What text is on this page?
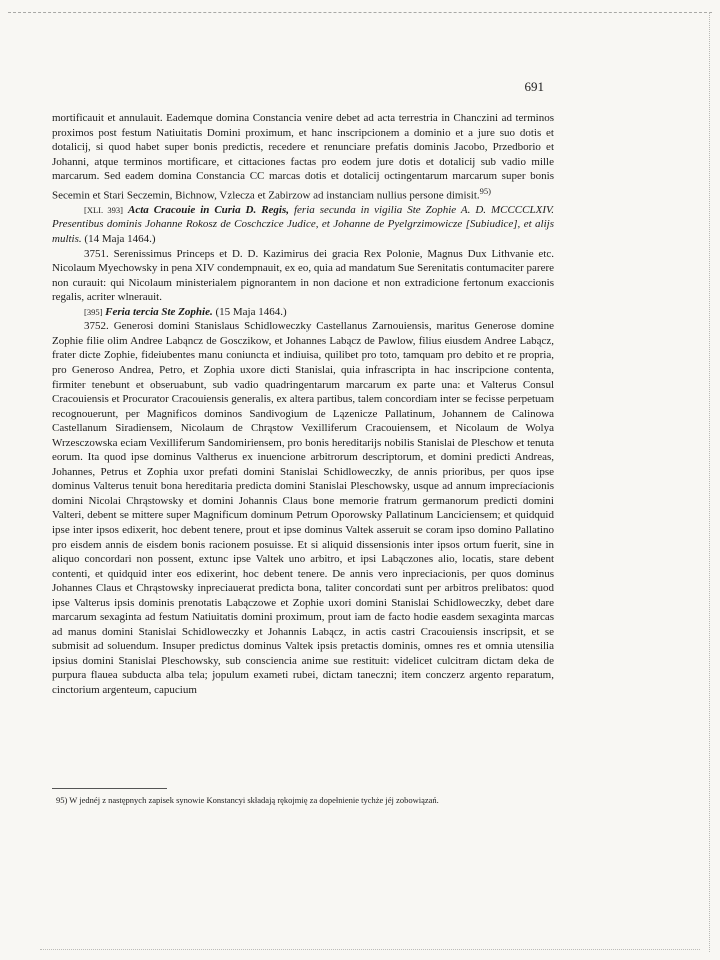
691

mortificauit et annulauit. Eademque domina Constancia venire debet ad acta terrestria in Chanczini ad terminos proximos post festum Natiuitatis Domini proximum, et hanc inscripcionem a dominio et a jure suo dotis et dotalicij, si quod habet super bonis predictis, recedere et renunciare prefatis dominis Jacobo, Przedborio et Johanni, atque terminos mortificare, et cittaciones factas pro eodem jure dotis et dotalicij sub vadio mille marcarum. Sed eadem domina Constancia CC marcas dotis et dotalicij octingentarum marcarum super bonis Secemin et Stari Seczemin, Bichnow, Vzlecza et Zabirzow ad instanciam nullius persone dimisit.$^{95)}$

[XLI. 393] Acta Cracouie in Curia D. Regis, feria secunda in vigilia Ste Zophie A. D. MCCCCLXIV. Presentibus dominis Johanne Rokosz de Coschczice Judice, et Johanne de Pyelgrzimowicze [Subiudice], et alijs multis. (14 Maja 1464.)

3751. Serenissimus Princeps et D. D. Kazimirus dei gracia Rex Polonie, Magnus Dux Lithvanie etc. Nicolaum Myechowsky in pena XIV condempnauit, ex eo, quia ad mandatum Sue Serenitatis contumaciter parere non curauit: qui Nicolaum ministerialem pignorantem in non dacione et non extradicione fertonum exaccionis regalis, acriter wlnerauit.

[395] Feria tercia Ste Zophie. (15 Maja 1464.)

3752. Generosi domini Stanislaus Schidloweczky Castellanus Zarnouiensis, maritus Generose domine Zophie filie olim Andree Labąncz de Gosczikow, et Johannes Labącz de Pawlow, filius eiusdem Andree Labącz, frater dicte Zophie, fideiubentes manu coniuncta et indiuisa, quilibet pro toto, tamquam pro debito et re propria, pro Generoso Andrea, Petro, et Zophia uxore dicti Stanislai, quia infrascripta in hac inscripcione contenta, firmiter tenebunt et obseruabunt, sub vadio quadringentarum marcarum ex parte una: et Valterus Consul Cracouiensis et Procurator Cracouiensis generalis, ex altera partibus, talem concordiam inter se fecisse perpetuam recognouerunt, per Magnificos dominos Sandivogium de Lązenicze Pallatinum, Johannem de Calinowa Castellanum Siradiensem, Nicolaum de Chrąstow Vexilliferum Cracouiensem, et Nicolaum de Wolya Wrzesczowska eciam Vexilliferum Sandomiriensem, pro bonis hereditarijs nobilis Stanislai de Pleschow et tenuta eorum. Ita quod ipse dominus Valtherus ex inuencione arbitrorum descriptorum, et domini predicti Andreas, Johannes, Petrus et Zophia uxor prefati domini Stanislai Schidloweczky, de annis prioribus, per quos ipse dominus Valterus tenuit bona hereditaria predicta domini Stanislai Pleschowsky, usque ad annum imprecíacionis domini Nicolai Chrąstowsky et domini Johannis Claus bone memorie fratrum germanorum predicti domini Valteri, debent se mittere super Magnificum dominum Petrum Oporowsky Pallatinum Lanciciensem; et quidquid ipse inter ipsos edixerit, hoc debent tenere, prout et ipse dominus Valtek asseruit se coram ipso domino Pallatino pro eisdem annis de eisdem bonis racionem posuisse. Et si aliquid dissensionis inter ipsos ortum fuerit, sine in aliquo concordari non possent, extunc ipse Valtek uno arbitro, et ipsi Labączones alio, locatis, stare debent contenti, et quidquid inter eos edixerint, hoc debent tenere. De annis vero inpreciacionis, per quos dominus Johannes Claus et Chrąstowsky inpreciauerat predicta bona, taliter concordati sunt per arbitros prelibatos: quod ipse Valterus ipsis dominis prenotatis Labączowe et Zophie uxori domini Stanislai Schidloweczky, debet dare marcarum sexaginta ad festum Natiuitatis domini proximum, prout iam de facto hodie easdem sexaginta marcas ad manus domini Stanislai Schidloweczky et Johannis Labącz, in actis castri Cracouiensis inscripsit, et se submisit ad soluendum. Insuper predictus dominus Valtek ipsis pretactis dominis, omnes res et omnia utensilia ipsius domini Stanislai Pleschowsky, sub consciencia anime sue restituit: videlicet culcitram dictam deka de purpura flauea subducta alba tela; jopulum exameti rubei, dictam taneczni; item conczerz argento reparatum, cinctorium argenteum, capucium

95) W jednéj z następnych zapisek synowie Konstancyi składają rękojmię za dopełnienie tychże jéj zobowiązań.
